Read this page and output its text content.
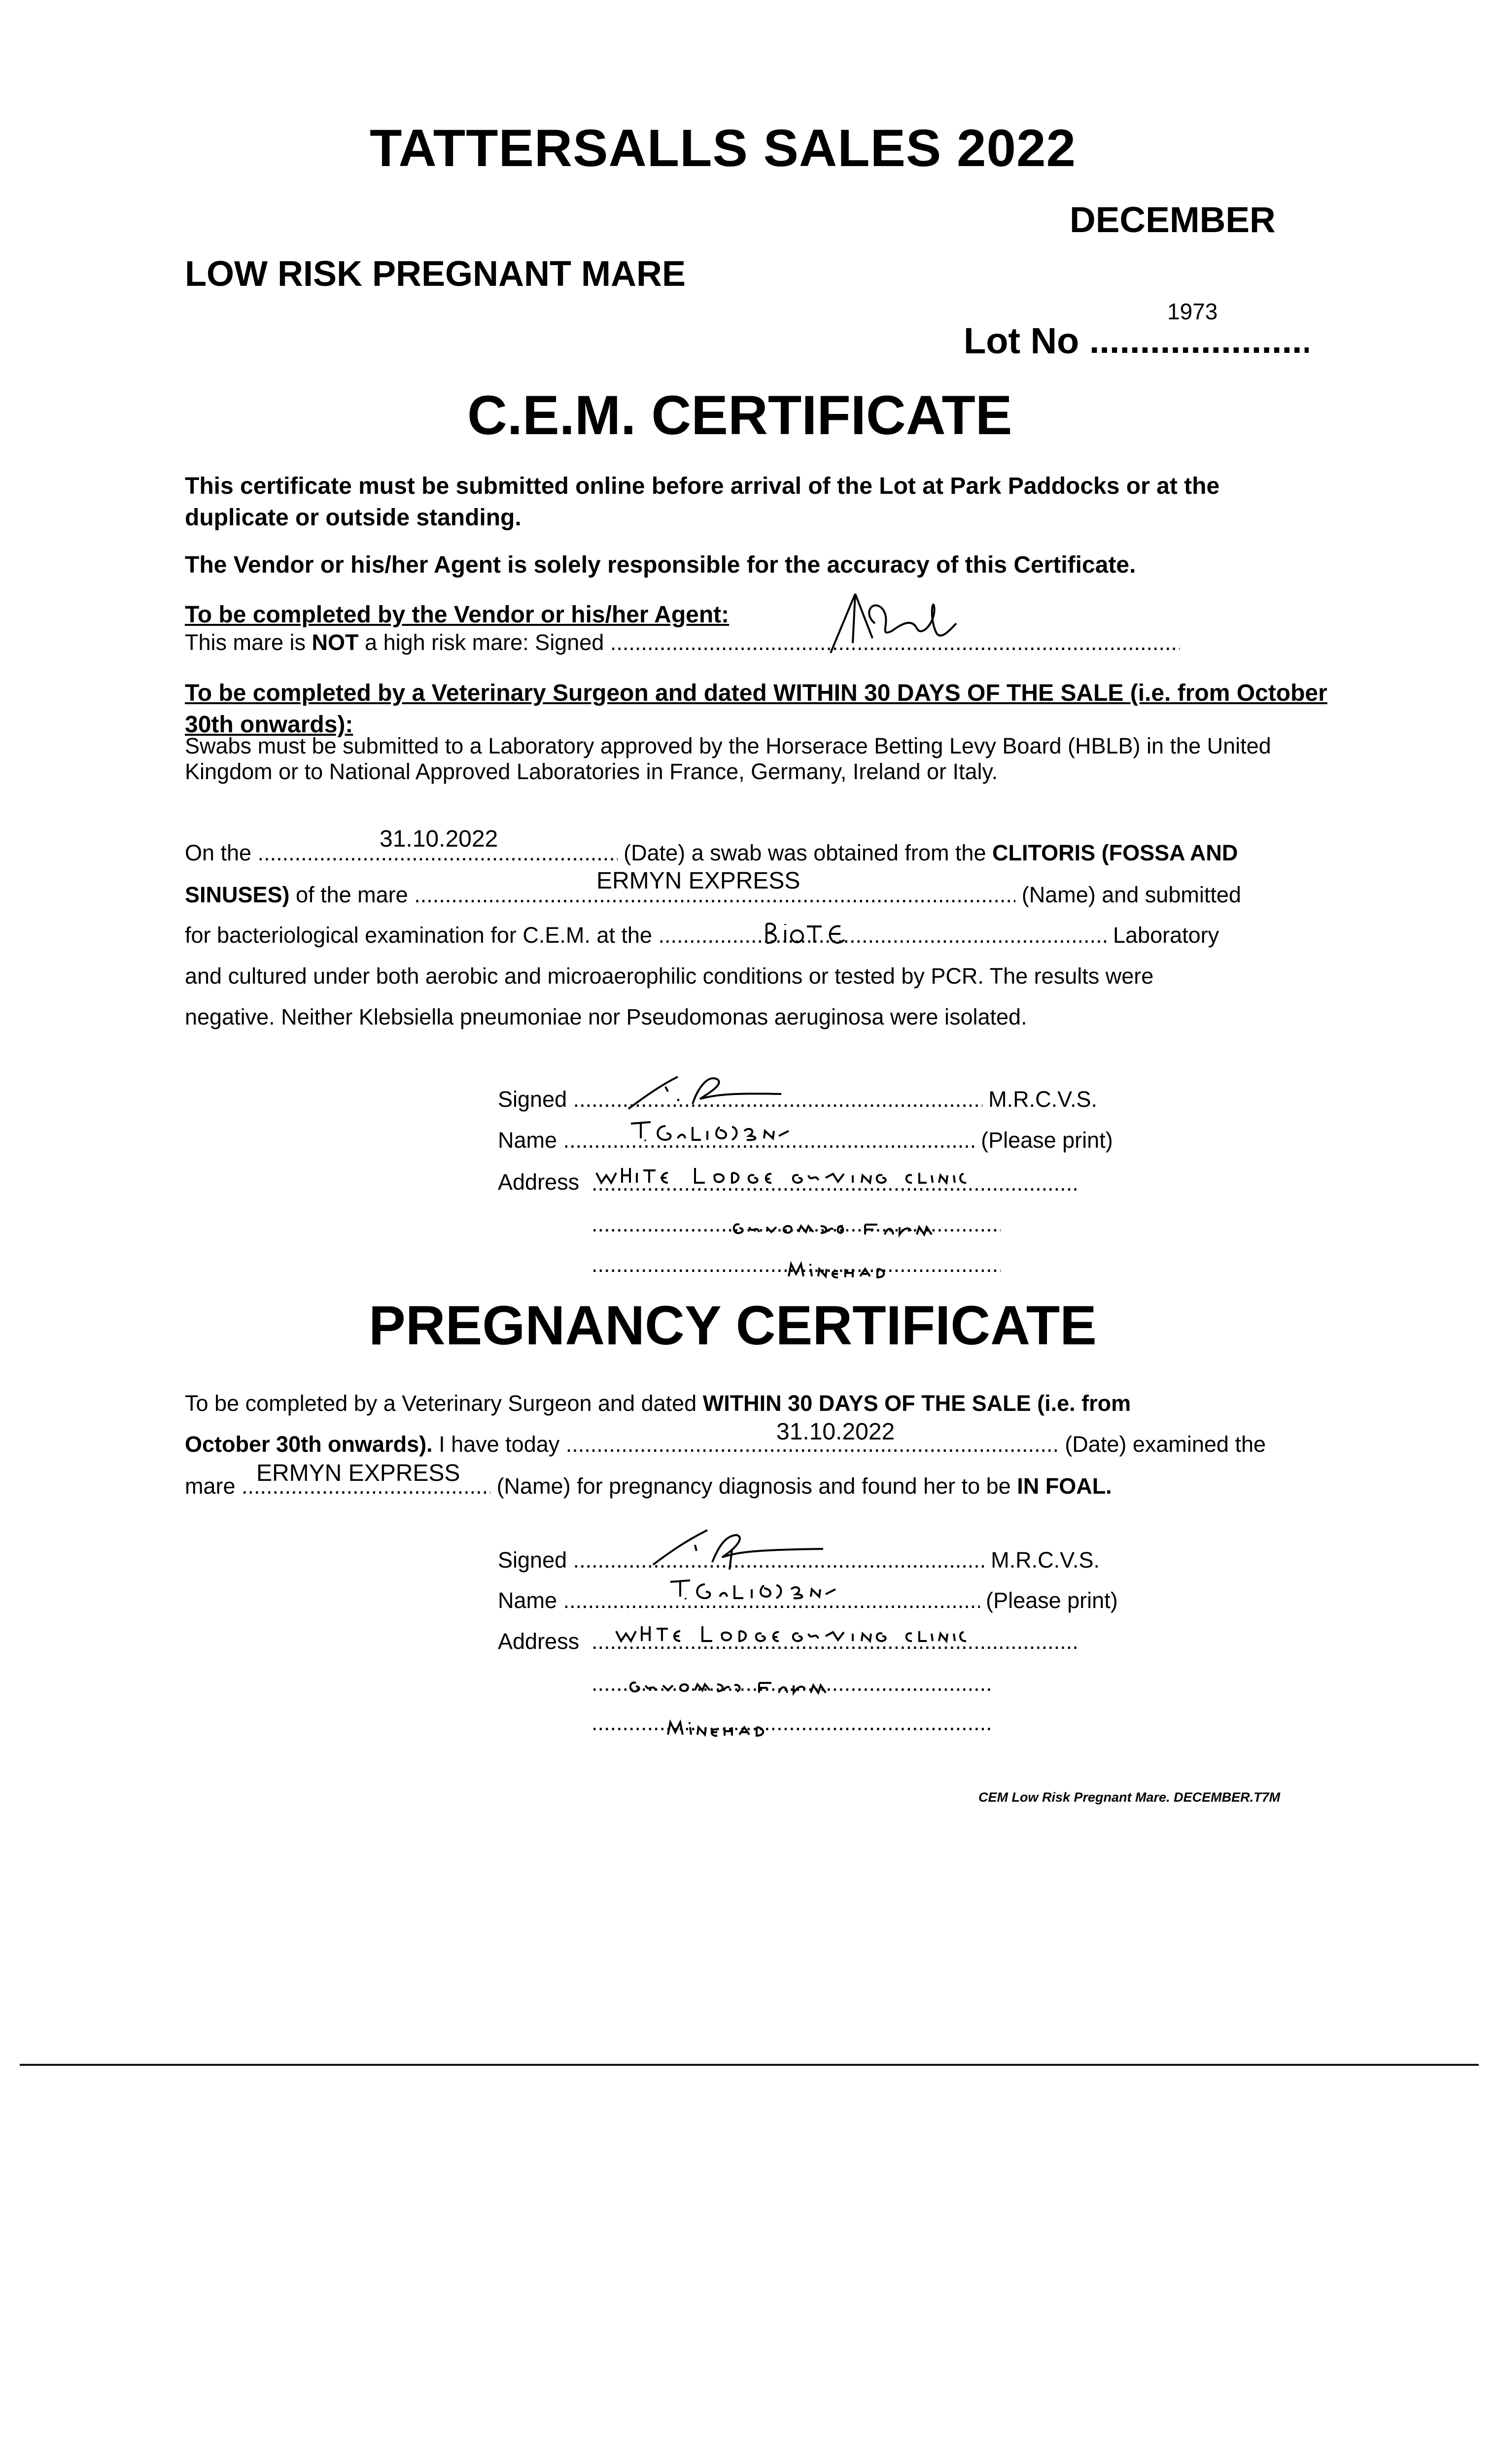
TATTERSALLS SALES 2022
DECEMBER
LOW RISK PREGNANT MARE
1973
Lot No .....
C.E.M. CERTIFICATE
This certificate must be submitted online before arrival of the Lot at Park Paddocks or at the duplicate or outside standing.
The Vendor or his/her Agent is solely responsible for the accuracy of this Certificate.
To be completed by the Vendor or his/her Agent:
This mare is NOT a high risk mare: Signed .....
To be completed by a Veterinary Surgeon and dated WITHIN 30 DAYS OF THE SALE (i.e. from October 30th onwards):
Swabs must be submitted to a Laboratory approved by the Horserace Betting Levy Board (HBLB) in the United Kingdom or to National Approved Laboratories in France, Germany, Ireland or Italy.
31.10.2022
On the .....	(Date) a swab was obtained from the CLITORIS (FOSSA AND
ERMYN EXPRESS
SINUSES) of the mare .....	(Name) and submitted
for bacteriological examination for C.E.M. at the .....	Laboratory
and cultured under both aerobic and microaerophilic conditions or tested by PCR. The results were
negative. Neither Klebsiella pneumoniae nor Pseudomonas aeruginosa were isolated.
Signed .....	M.R.C.V.S.
Name .....	(Please print)
Address
.....
.....
.....
PREGNANCY CERTIFICATE
To be completed by a Veterinary Surgeon and dated WITHIN 30 DAYS OF THE SALE (i.e. from
31.10.2022
October 30th onwards). I have today .....	(Date) examined the
ERMYN EXPRESS
mare .....	(Name) for pregnancy diagnosis and found her to be IN FOAL.
Signed .....	M.R.C.V.S.
Name .....	(Please print)
Address
.....
.....
.....
CEM Low Risk Pregnant Mare. DECEMBER.T7M
